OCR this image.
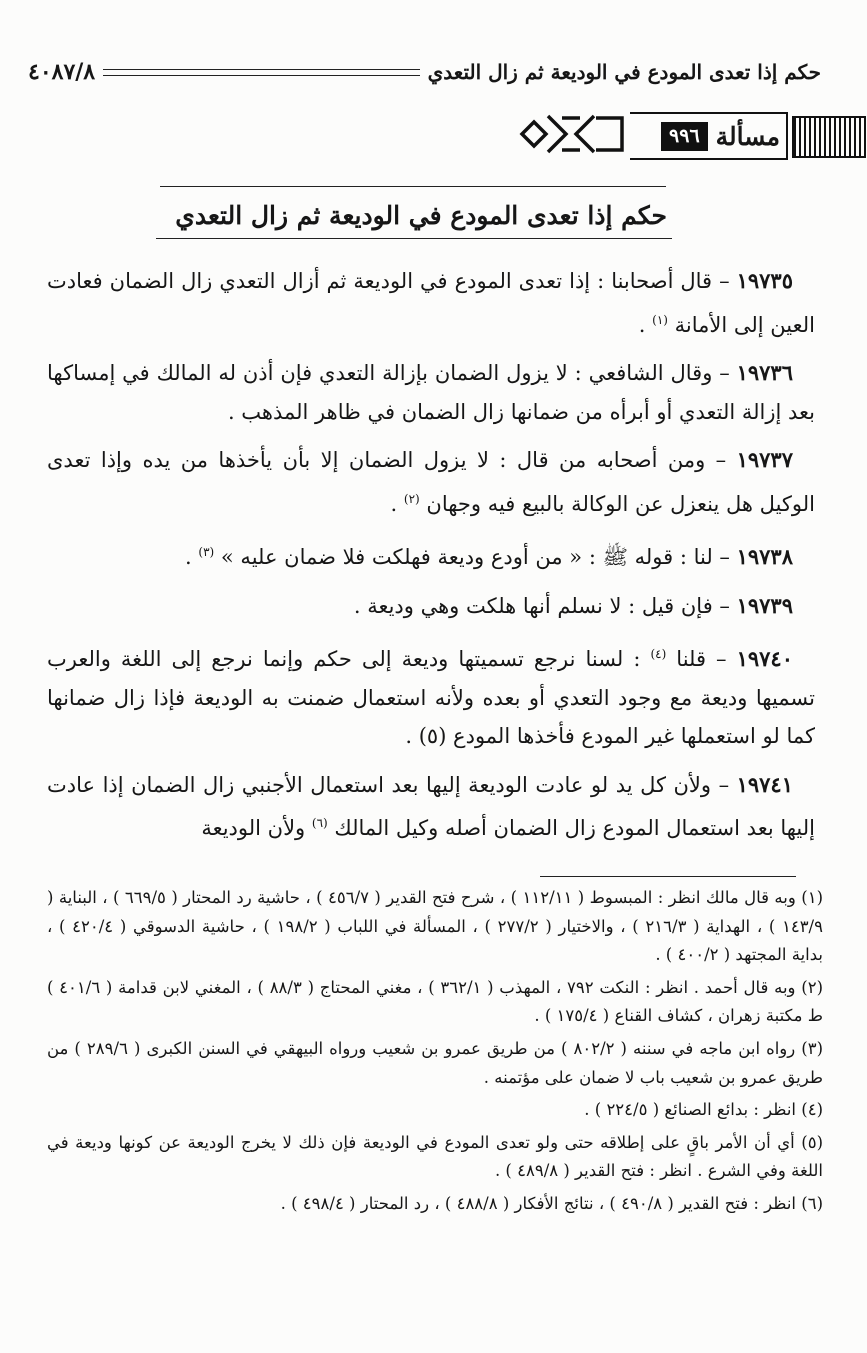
حكم إذا تعدى المودع في الوديعة ثم زال التعدي
٤٠٨٧/٨
مسألة
٩٩٦
حكم إذا تعدى المودع في الوديعة ثم زال التعدي

١٩٧٣٥ – قال أصحابنا : إذا تعدى المودع في الوديعة ثم أزال التعدي زال الضمان فعادت العين إلى الأمانة $^{(١)}$ .

١٩٧٣٦ – وقال الشافعي : لا يزول الضمان بإزالة التعدي فإن أذن له المالك في إمساكها بعد إزالة التعدي أو أبرأه من ضمانها زال الضمان في ظاهر المذهب .

١٩٧٣٧ – ومن أصحابه من قال : لا يزول الضمان إلا بأن يأخذها من يده وإذا تعدى الوكيل هل ينعزل عن الوكالة بالبيع فيه وجهان $^{(٢)}$ .

١٩٧٣٨ – لنا : قوله ﷺ : « من أودع وديعة فهلكت فلا ضمان عليه » $^{(٣)}$ .

١٩٧٣٩ – فإن قيل : لا نسلم أنها هلكت وهي وديعة .

١٩٧٤٠ – قلنا $^{(٤)}$ : لسنا نرجع تسميتها وديعة إلى حكم وإنما نرجع إلى اللغة والعرب تسميها وديعة مع وجود التعدي أو بعده ولأنه استعمال ضمنت به الوديعة فإذا زال ضمانها كما لو استعملها غير المودع فأخذها المودع (٥) .

١٩٧٤١ – ولأن كل يد لو عادت الوديعة إليها بعد استعمال الأجنبي زال الضمان إذا عادت إليها بعد استعمال المودع زال الضمان أصله وكيل المالك $^{(٦)}$ ولأن الوديعة

(١) وبه قال مالك انظر : المبسوط ( ١١٢/١١ ) ، شرح فتح القدير ( ٤٥٦/٧ ) ، حاشية رد المحتار ( ٦٦٩/٥ ) ، البناية ( ١٤٣/٩ ) ، الهداية ( ٢١٦/٣ ) ، والاختيار ( ٢٧٧/٢ ) ، المسألة في اللباب ( ١٩٨/٢ ) ، حاشية الدسوقي ( ٤٢٠/٤ ) ، بداية المجتهد ( ٤٠٠/٢ ) .

(٢) وبه قال أحمد . انظر : النكت ٧٩٢ ، المهذب ( ٣٦٢/١ ) ، مغني المحتاج ( ٨٨/٣ ) ، المغني لابن قدامة ( ٤٠١/٦ ) ط مكتبة زهران ، كشاف القناع ( ١٧٥/٤ ) .

(٣) رواه ابن ماجه في سننه ( ٨٠٢/٢ ) من طريق عمرو بن شعيب ورواه البيهقي في السنن الكبرى ( ٢٨٩/٦ ) من طريق عمرو بن شعيب باب لا ضمان على مؤتمنه .

(٤) انظر : بدائع الصنائع ( ٢٢٤/٥ ) .

(٥) أي أن الأمر باقٍ على إطلاقه حتى ولو تعدى المودع في الوديعة فإن ذلك لا يخرج الوديعة عن كونها وديعة في اللغة وفي الشرع . انظر : فتح القدير ( ٤٨٩/٨ ) .

(٦) انظر : فتح القدير ( ٤٩٠/٨ ) ، نتائج الأفكار ( ٤٨٨/٨ ) ، رد المحتار ( ٤٩٨/٤ ) .
